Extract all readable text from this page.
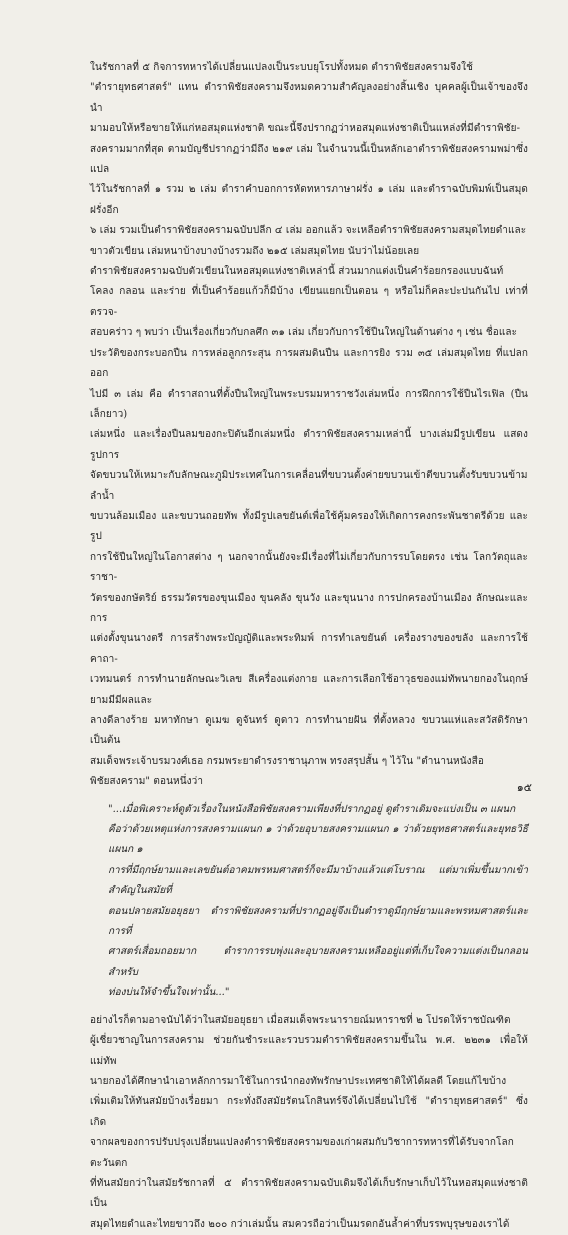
ในรัชกาลที่ ๕ กิจการทหารได้เปลี่ยนแปลงเป็นระบบยุโรปทั้งหมด ตำราพิชัยสงครามจึงใช้
"ตำรายุทธศาสตร์" แทน ตำราพิชัยสงครามจึงหมดความสำคัญลงอย่างสิ้นเชิง บุคคลผู้เป็นเจ้าของจึงนำ
มามอบให้หรือขายให้แก่หอสมุดแห่งชาติ ขณะนี้จึงปรากฏว่าหอสมุดแห่งชาติเป็นแหล่งที่มีตำราพิชัย-
สงครามมากที่สุด ตามบัญชีปรากฏว่ามีถึง ๒๑๙ เล่ม ในจำนวนนี้เป็นหลักเอาตำราพิชัยสงครามพม่าซึ่งแปล
ไว้ในรัชกาลที่ ๑ รวม ๒ เล่ม ตำราคำบอกการหัดทหารภาษาฝรั่ง ๑ เล่ม และตำราฉบับพิมพ์เป็นสมุดฝรั่งอีก
๖ เล่ม รวมเป็นตำราพิชัยสงครามฉบับปลีก ๔ เล่ม ออกแล้ว จะเหลือตำราพิชัยสงครามสมุดไทยดำและ
ขาวตัวเขียน เล่มหนาบ้างบางบ้างรวมถึง ๒๑๕ เล่มสมุดไทย นับว่าไม่น้อยเลย

ตำราพิชัยสงครามฉบับตัวเขียนในหอสมุดแห่งชาติเหล่านี้ ส่วนมากแต่งเป็นคำร้อยกรองแบบฉันท์
โคลง กลอน และร่าย ที่เป็นคำร้อยแก้วก็มีบ้าง เขียนแยกเป็นตอน ๆ หรือไม่ก็คละปะปนกันไป เท่าที่ตรวจ-
สอบคร่าว ๆ พบว่า เป็นเรื่องเกี่ยวกับกลศึก ๓๑ เล่ม เกี่ยวกับการใช้ปืนใหญ่ในด้านต่าง ๆ เช่น ชื่อและ
ประวัติของกระบอกปืน การหล่อลูกกระสุน การผสมดินปืน และการยิง รวม ๓๕ เล่มสมุดไทย ที่แปลกออก
ไปมี ๓ เล่ม คือ ตำราสถานที่ตั้งปืนใหญ่ในพระบรมมหาราชวังเล่มหนึ่ง การฝึกการใช้ปืนไรเฟิล (ปืนเล็กยาว)
เล่มหนึ่ง และเรื่องปืนลมของกะปิตันอีกเล่มหนึ่ง ตำราพิชัยสงครามเหล่านี้ บางเล่มมีรูปเขียน แสดงรูปการ
จัดขบวนให้เหมาะกับลักษณะภูมิประเทศในการเคลื่อนที่ขบวนตั้งค่ายขบวนเข้าตีขบวนตั้งรับขบวนข้ามลำน้ำ
ขบวนล้อมเมือง และขบวนถอยทัพ ทั้งมีรูปเลขยันต์เพื่อใช้คุ้มครองให้เกิดการคงกระพันชาตรีด้วย และรูป
การใช้ปืนใหญ่ในโอกาสต่าง ๆ นอกจากนั้นยังจะมีเรื่องที่ไม่เกี่ยวกับการรบโดยตรง เช่น โลกวัตถุและราชา-
วัตรของกษัตริย์ ธรรมวัตรของขุนเมือง ขุนคลัง ขุนวัง และขุนนาง การปกครองบ้านเมือง ลักษณะและการ
แต่งตั้งขุนนางตรี การสร้างพระบัญญัติและพระทิมพ์ การทำเลขยันต์ เครื่องรางของขลัง และการใช้คาถา-
เวทมนตร์ การทำนายลักษณะวิเลข สีเครื่องแต่งกาย และการเลือกใช้อาวุธของแม่ทัพนายกองในฤกษ์ยามมีมีผลและ
ลางดีลางร้าย มหาทักษา ดูเมฆ ดูจันทร์ ดูดาว การทำนายฝัน ที่ตั้งหลวง ขบวนแห่และสวัสดิรักษา เป็นต้น

สมเด็จพระเจ้าบรมวงศ์เธอ กรมพระยาดำรงราชานุภาพ ทรงสรุปสั้น ๆ ไว้ใน "ตำนานหนังสือ
พิชัยสงคราม" ตอนหนึ่งว่า

"...เมื่อพิเคราะห์ดูตัวเรื่องในหนังสือพิชัยสงครามเพียงที่ปรากฏอยู่ ดูตำราเดิมจะแบ่งเป็น ๓ แผนก
คือว่าด้วยเหตุแห่งการสงครามแผนก ๑ ว่าด้วยอุบายสงครามแผนก ๑ ว่าด้วยยุทธศาสตร์และยุทธวิธีแผนก ๑
การที่มีฤกษ์ยามและเลขยันต์อาคมพรหมศาสตร์ก็จะมีมาบ้างแล้วแต่โบราณ แต่มาเพิ่มขึ้นมากเข้าสำคัญในสมัยที่
ตอนปลายสมัยอยุธยา ตำราพิชัยสงครามที่ปรากฏอยู่จึงเป็นตำราดูมีฤกษ์ยามและพรหมศาสตร์และการที่
ศาสตร์เสื่อมถอยมาก ตำราการรบพุ่งและอุบายสงครามเหลืออยู่แต่ที่เก็บใจความแต่งเป็นกลอนสำหรับ
ท่องบ่นให้จำขึ้นใจเท่านั้น..."

อย่างไรก็ตามอาจนับได้ว่าในสมัยอยุธยา เมื่อสมเด็จพระนารายณ์มหาราชที่ ๒ โปรดให้ราชบัณฑิต
ผู้เชี่ยวชาญในการสงคราม ช่วยกันชำระและรวบรวมตำราพิชัยสงครามขึ้นใน พ.ศ. ๒๒๓๑ เพื่อให้แม่ทัพ
นายกองได้ศึกษานำเอาหลักการมาใช้ในการนำกองทัพรักษาประเทศชาติให้ได้ผลดี โดยแก้ไขบ้าง
เพิ่มเติมให้ทันสมัยบ้างเรื่อยมา กระทั่งถึงสมัยรัตนโกสินทร์จึงได้เปลี่ยนไปใช้ "ตำรายุทธศาสตร์" ซึ่งเกิด
จากผลของการปรับปรุงเปลี่ยนแปลงตำราพิชัยสงครามของเก่าผสมกับวิชาการทหารที่ได้รับจากโลกตะวันตก
ที่ทันสมัยกว่าในสมัยรัชกาลที่ ๕ ตำราพิชัยสงครามฉบับเดิมจึงได้เก็บรักษาเก็บไว้ในหอสมุดแห่งชาติเป็น
สมุดไทยดำและไทยขาวถึง ๒๐๐ กว่าเล่มนั้น สมควรถือว่าเป็นมรดกอันล้ำค่าที่บรรพบุรุษของเราได้

๑๕
